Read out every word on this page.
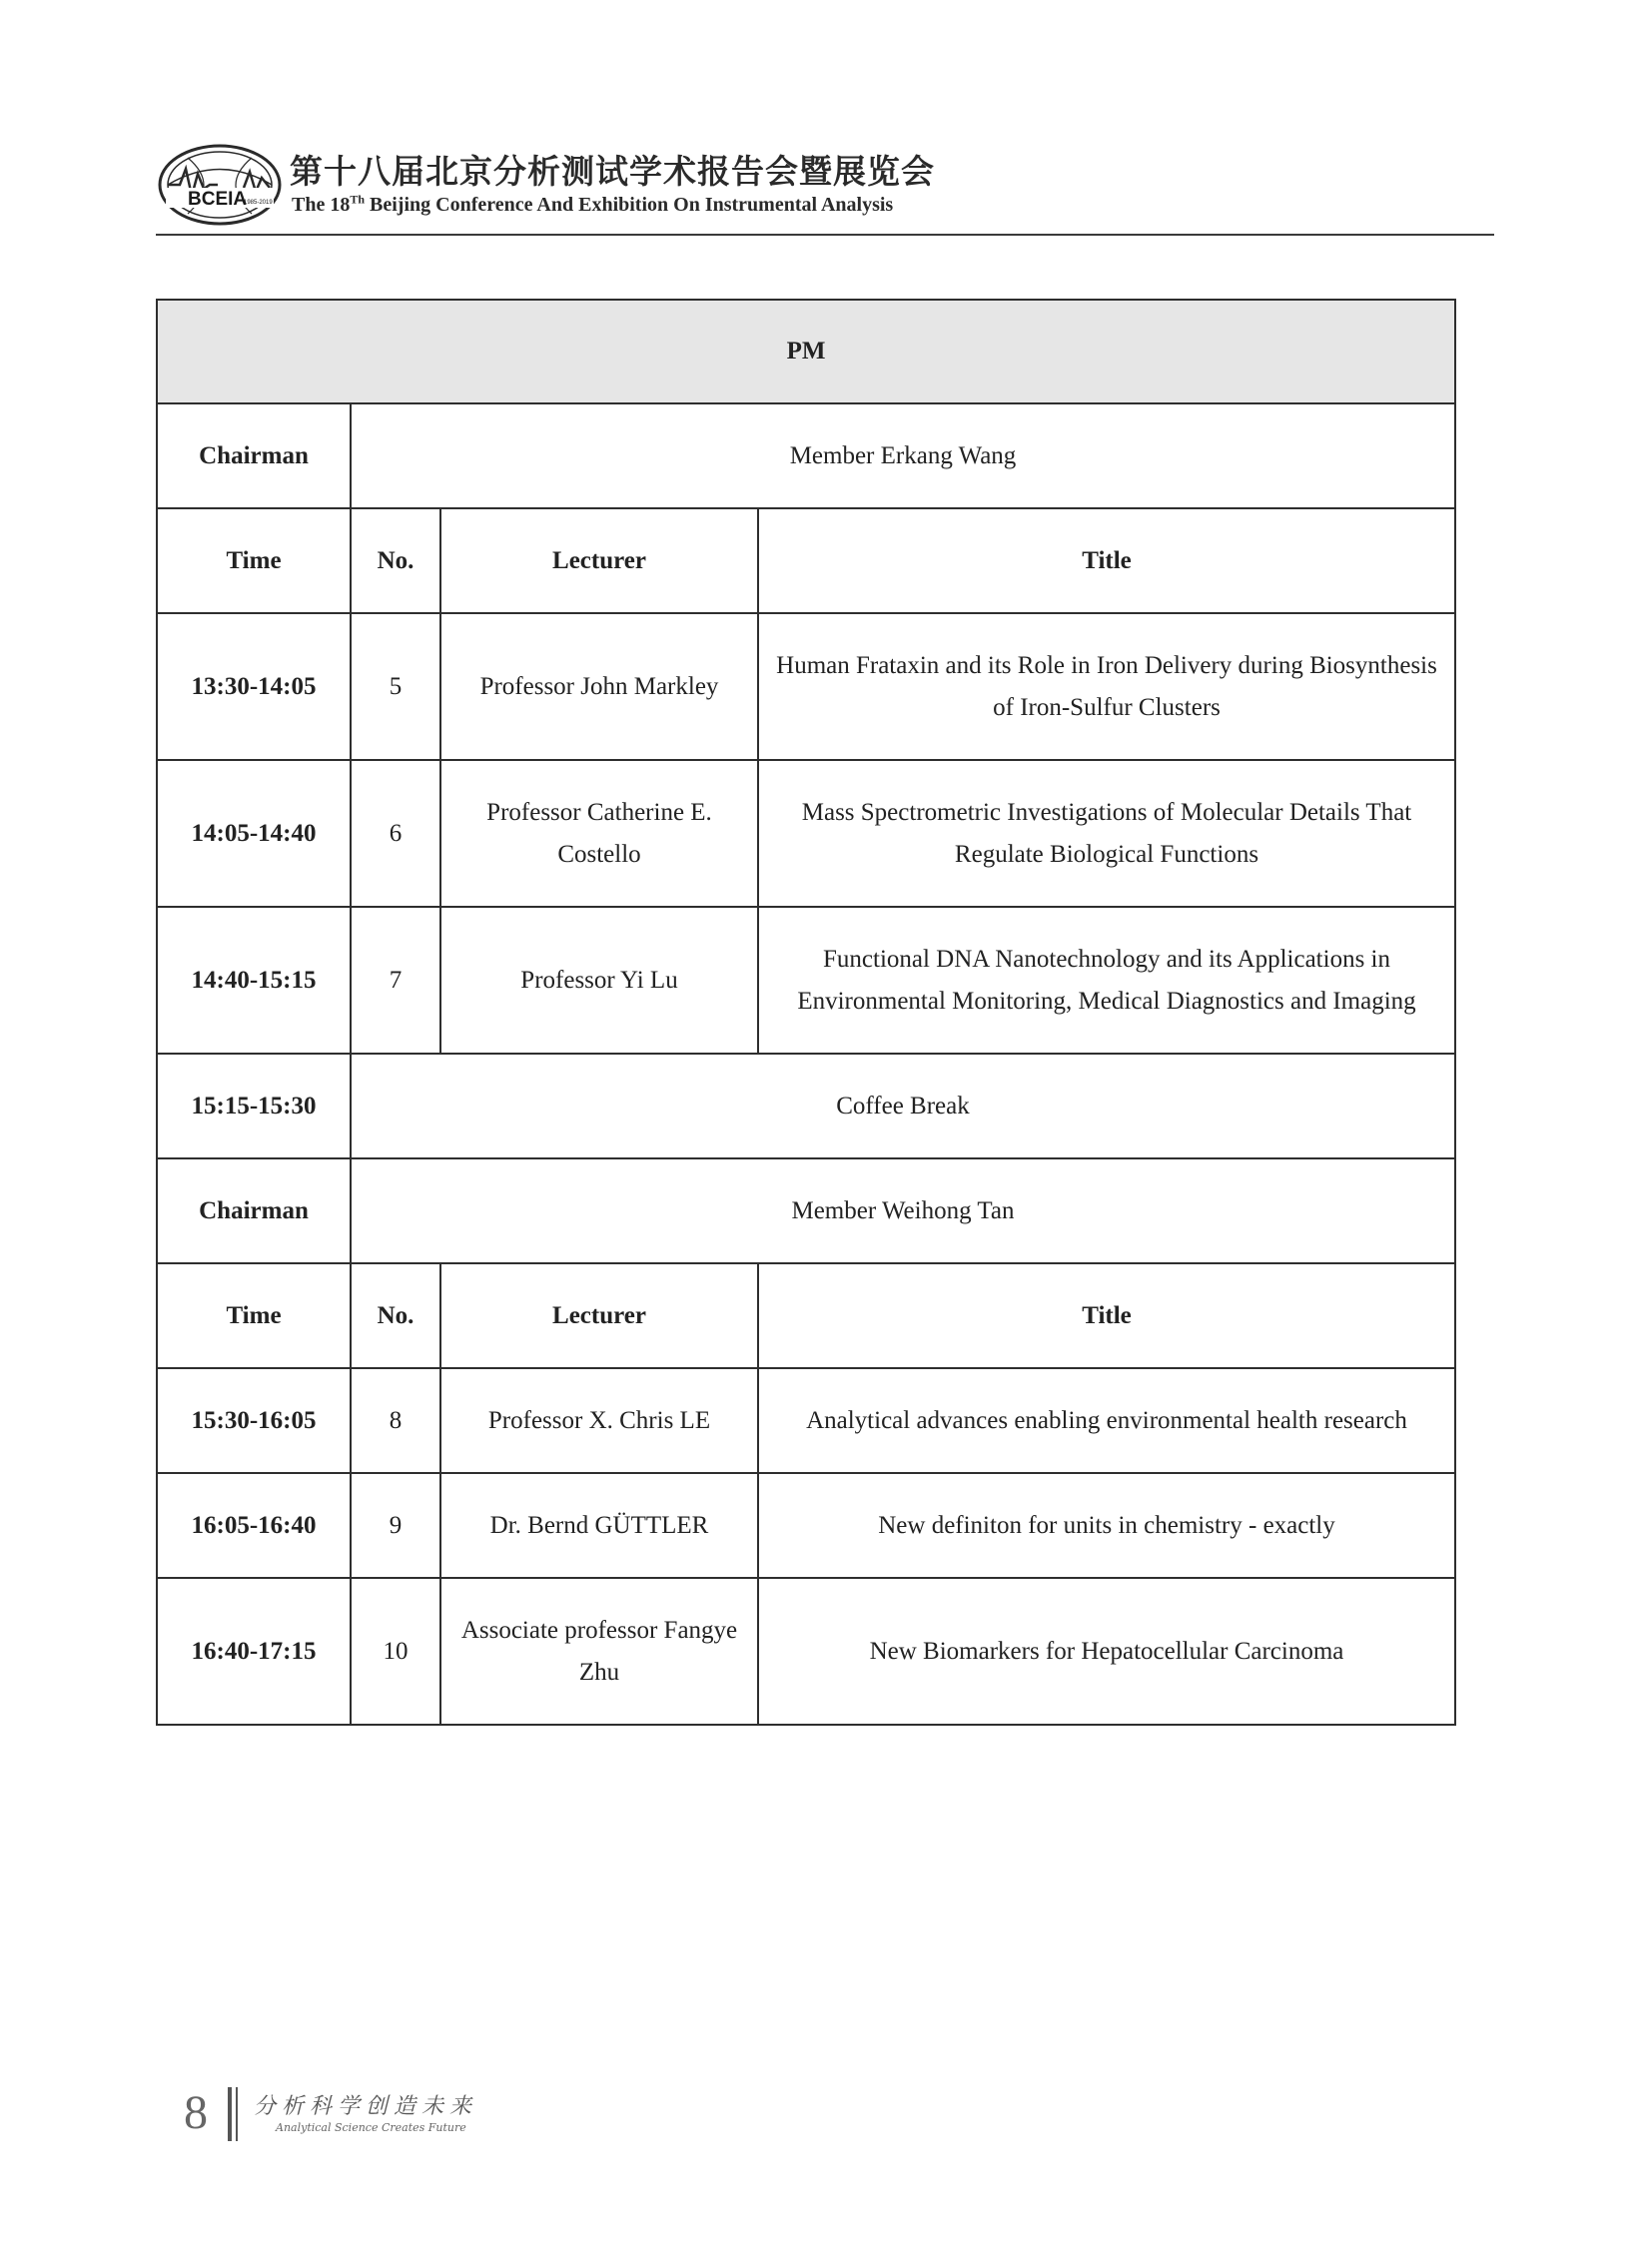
BCEIA
1985-2019
第十八届北京分析测试学术报告会暨展览会
The 18Th Beijing Conference And Exhibition On Instrumental Analysis
PM			
Chairman	Member Erkang Wang		
Time	No.	Lecturer	Title
13:30-14:05	5	Professor John Markley	Human Frataxin and its Role in Iron Delivery during Biosynthesis of Iron-Sulfur Clusters
14:05-14:40	6	Professor Catherine E. Costello	Mass Spectrometric Investigations of Molecular Details That Regulate Biological Functions
14:40-15:15	7	Professor Yi Lu	Functional DNA Nanotechnology and its Applications in Environmental Monitoring, Medical Diagnostics and Imaging
15:15-15:30	Coffee Break		
Chairman	Member Weihong Tan		
Time	No.	Lecturer	Title
15:30-16:05	8	Professor X. Chris LE	Analytical advances enabling environmental health research
16:05-16:40	9	Dr. Bernd GÜTTLER	New definiton for units in chemistry - exactly
16:40-17:15	10	Associate professor Fangye Zhu	New Biomarkers for Hepatocellular Carcinoma
8 分析科学创造未来
Analytical Science Creates Future
